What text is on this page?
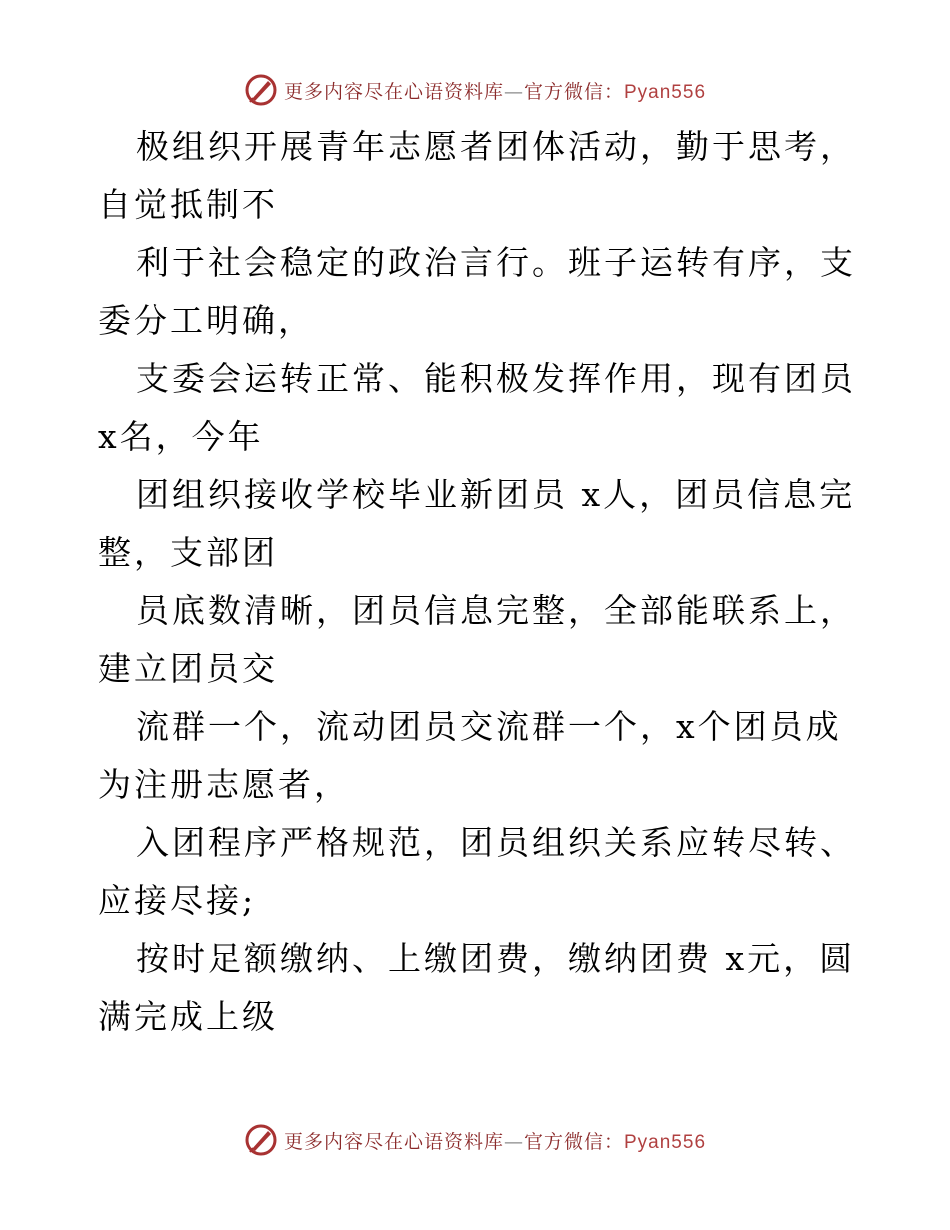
更多内容尽在心语资料库—官方微信：Pyan556

极组织开展青年志愿者团体活动，勤于思考，自觉抵制不

利于社会稳定的政治言行。班子运转有序，支委分工明确，

支委会运转正常、能积极发挥作用，现有团员 x名，今年

团组织接收学校毕业新团员 x人，团员信息完整，支部团

员底数清晰，团员信息完整，全部能联系上，建立团员交

流群一个，流动团员交流群一个，x个团员成为注册志愿者，

入团程序严格规范，团员组织关系应转尽转、应接尽接;

按时足额缴纳、上缴团费，缴纳团费 x元，圆满完成上级

更多内容尽在心语资料库—官方微信：Pyan556
